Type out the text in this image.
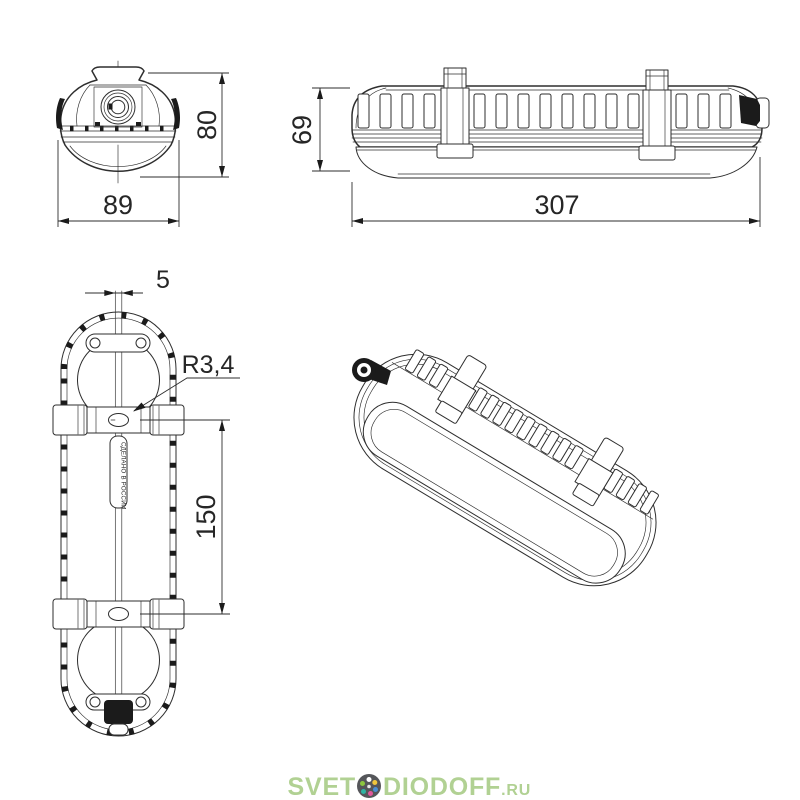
80
89
69
307
СДЕЛАНО В РОССИИ
5
R3,4
150
SVET DIODOFF.RU
